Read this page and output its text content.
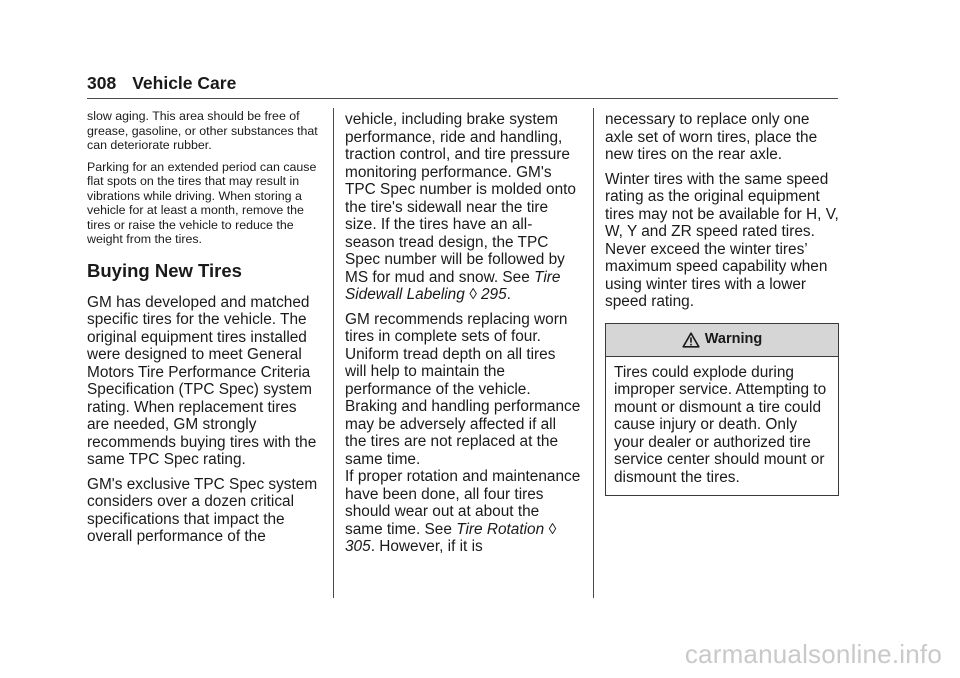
308 Vehicle Care

slow aging. This area should be free of grease, gasoline, or other substances that can deteriorate rubber.

Parking for an extended period can cause flat spots on the tires that may result in vibrations while driving. When storing a vehicle for at least a month, remove the tires or raise the vehicle to reduce the weight from the tires.

Buying New Tires

GM has developed and matched specific tires for the vehicle. The original equipment tires installed were designed to meet General Motors Tire Performance Criteria Specification (TPC Spec) system rating. When replacement tires are needed, GM strongly recommends buying tires with the same TPC Spec rating.

GM's exclusive TPC Spec system considers over a dozen critical specifications that impact the overall performance of the

vehicle, including brake system performance, ride and handling, traction control, and tire pressure monitoring performance. GM's TPC Spec number is molded onto the tire's sidewall near the tire size. If the tires have an all-season tread design, the TPC Spec number will be followed by MS for mud and snow. See Tire Sidewall Labeling ◊ 295.

GM recommends replacing worn tires in complete sets of four. Uniform tread depth on all tires will help to maintain the performance of the vehicle. Braking and handling performance may be adversely affected if all the tires are not replaced at the same time.

If proper rotation and maintenance have been done, all four tires should wear out at about the same time. See Tire Rotation ◊ 305. However, if it is

necessary to replace only one axle set of worn tires, place the new tires on the rear axle.

Winter tires with the same speed rating as the original equipment tires may not be available for H, V, W, Y and ZR speed rated tires. Never exceed the winter tires’ maximum speed capability when using winter tires with a lower speed rating.

Warning
Tires could explode during improper service. Attempting to mount or dismount a tire could cause injury or death. Only your dealer or authorized tire service center should mount or dismount the tires.
carmanualsonline.info
